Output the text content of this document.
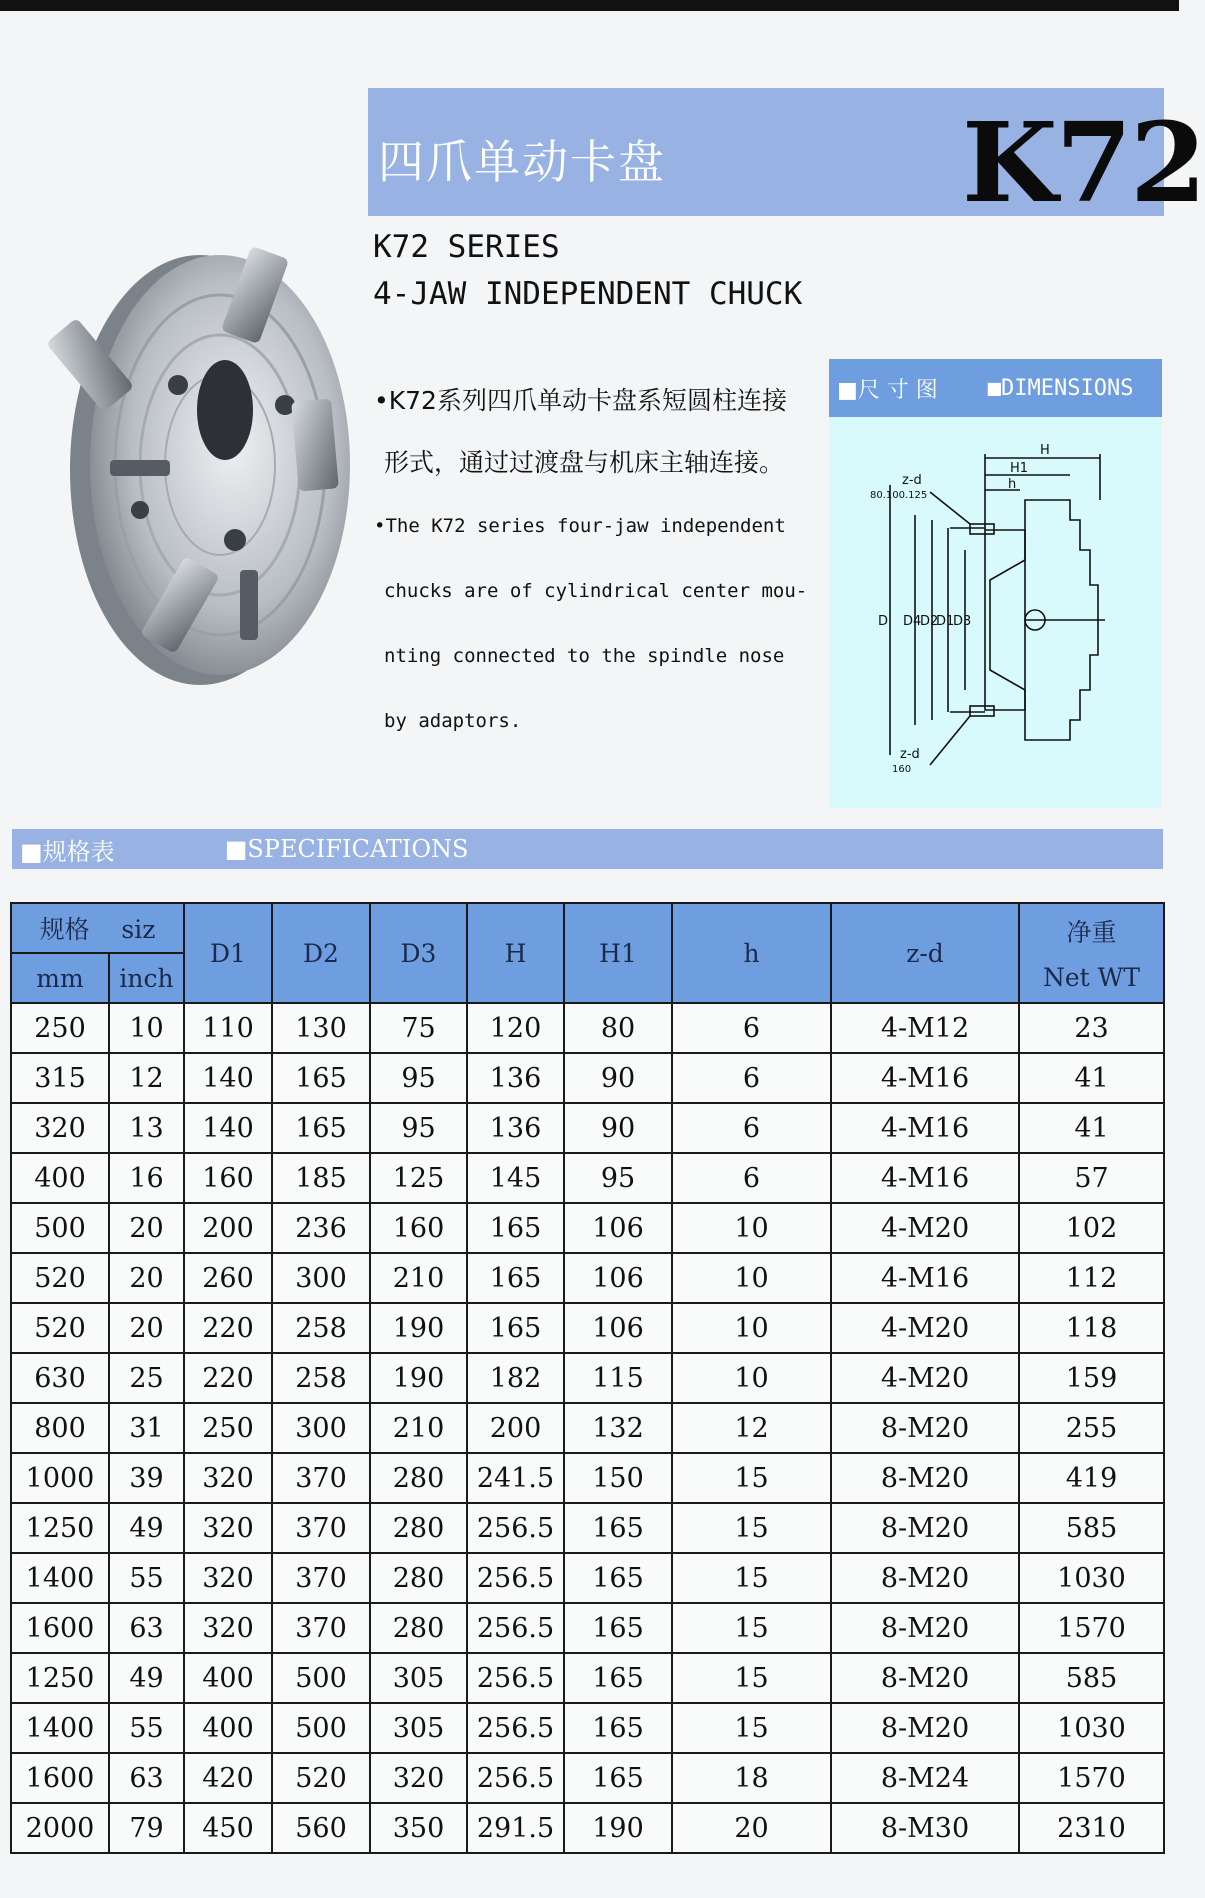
四爪单动卡盘	K72
K72 SERIES
4-JAW INDEPENDENT CHUCK
•K72系列四爪单动卡盘系短圆柱连接
形式，通过过渡盘与机床主轴连接。
•The K72 series four-jaw independent
chucks are of cylindrical center mou-
nting connected to the spindle nose
by adaptors.
■尺 寸 图 ■DIMENSIONS
H
H1
h
z-d
80.100.125
z-d
160
D D4
D2
D1
D3
■规格表	■SPECIFICATIONS
规格 siz		D1	D2	D3	H	H1	h	z-d	净重
Net WT

mm	inch								
250	10	110	130	75	120	80	6	4-M12	23
315	12	140	165	95	136	90	6	4-M16	41
320	13	140	165	95	136	90	6	4-M16	41
400	16	160	185	125	145	95	6	4-M16	57
500	20	200	236	160	165	106	10	4-M20	102
520	20	260	300	210	165	106	10	4-M16	112
520	20	220	258	190	165	106	10	4-M20	118
630	25	220	258	190	182	115	10	4-M20	159
800	31	250	300	210	200	132	12	8-M20	255
1000	39	320	370	280	241.5	150	15	8-M20	419
1250	49	320	370	280	256.5	165	15	8-M20	585
1400	55	320	370	280	256.5	165	15	8-M20	1030
1600	63	320	370	280	256.5	165	15	8-M20	1570
1250	49	400	500	305	256.5	165	15	8-M20	585
1400	55	400	500	305	256.5	165	15	8-M20	1030
1600	63	420	520	320	256.5	165	18	8-M24	1570
2000	79	450	560	350	291.5	190	20	8-M30	2310
